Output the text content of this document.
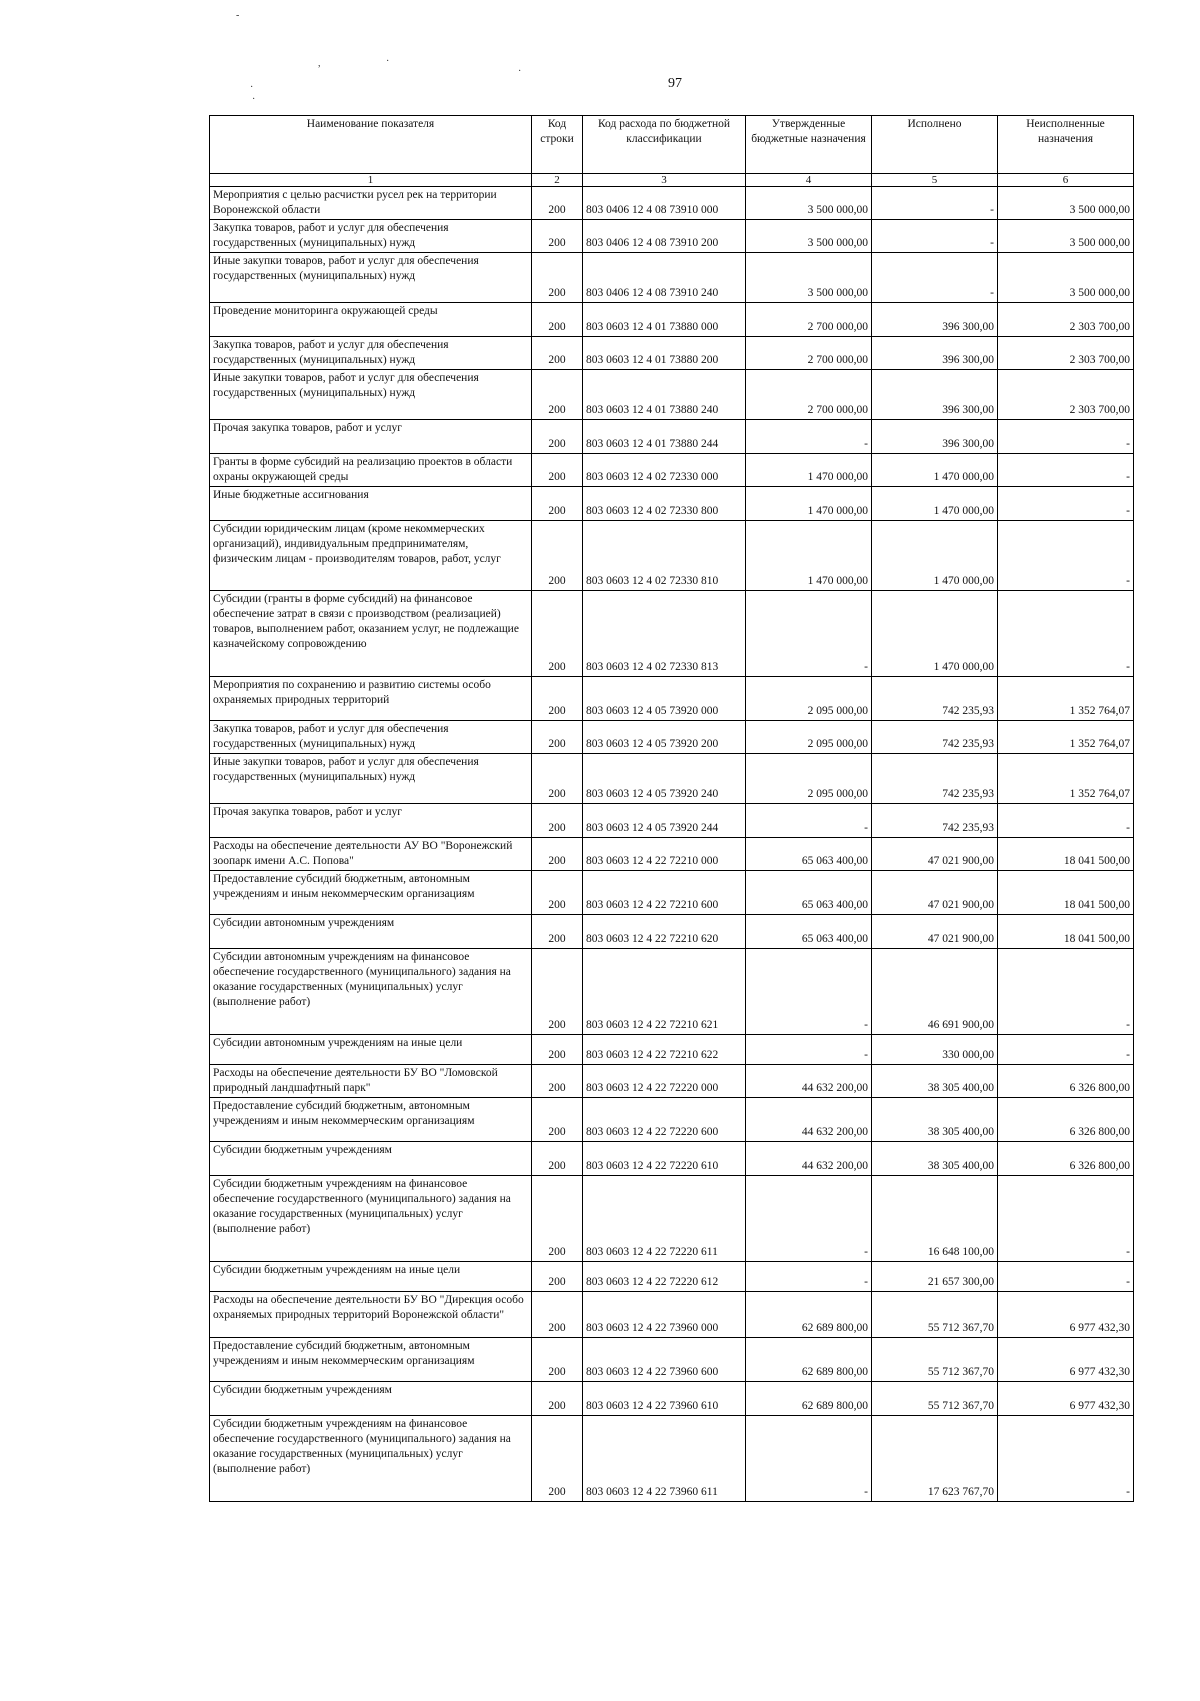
97
-
,	·
·
·
·
Наименование показателя	Код строки	Код расхода по бюджетной классификации	Утвержденные бюджетные назначения	Исполнено	Неисполненные назначения
1	2	3	4	5	6
Мероприятия с целью расчистки русел рек на территории Воронежской области	200	803 0406 12 4 08 73910 000	3 500 000,00	-	3 500 000,00
Закупка товаров, работ и услуг для обеспечения государственных (муниципальных) нужд	200	803 0406 12 4 08 73910 200	3 500 000,00	-	3 500 000,00
Иные закупки товаров, работ и услуг для обеспечения государственных (муниципальных) нужд	200	803 0406 12 4 08 73910 240	3 500 000,00	-	3 500 000,00
Проведение мониторинга окружающей среды	200	803 0603 12 4 01 73880 000	2 700 000,00	396 300,00	2 303 700,00
Закупка товаров, работ и услуг для обеспечения государственных (муниципальных) нужд	200	803 0603 12 4 01 73880 200	2 700 000,00	396 300,00	2 303 700,00
Иные закупки товаров, работ и услуг для обеспечения государственных (муниципальных) нужд	200	803 0603 12 4 01 73880 240	2 700 000,00	396 300,00	2 303 700,00
Прочая закупка товаров, работ и услуг	200	803 0603 12 4 01 73880 244	-	396 300,00	-
Гранты в форме субсидий на реализацию проектов в области охраны окружающей среды	200	803 0603 12 4 02 72330 000	1 470 000,00	1 470 000,00	-
Иные бюджетные ассигнования	200	803 0603 12 4 02 72330 800	1 470 000,00	1 470 000,00	-
Субсидии юридическим лицам (кроме некоммерческих организаций), индивидуальным предпринимателям, физическим лицам - производителям товаров, работ, услуг	200	803 0603 12 4 02 72330 810	1 470 000,00	1 470 000,00	-
Субсидии (гранты в форме субсидий) на финансовое обеспечение затрат в связи с производством (реализацией) товаров, выполнением работ, оказанием услуг, не подлежащие казначейскому сопровождению	200	803 0603 12 4 02 72330 813	-	1 470 000,00	-
Мероприятия по сохранению и развитию системы особо охраняемых природных территорий	200	803 0603 12 4 05 73920 000	2 095 000,00	742 235,93	1 352 764,07
Закупка товаров, работ и услуг для обеспечения государственных (муниципальных) нужд	200	803 0603 12 4 05 73920 200	2 095 000,00	742 235,93	1 352 764,07
Иные закупки товаров, работ и услуг для обеспечения государственных (муниципальных) нужд	200	803 0603 12 4 05 73920 240	2 095 000,00	742 235,93	1 352 764,07
Прочая закупка товаров, работ и услуг	200	803 0603 12 4 05 73920 244	-	742 235,93	-
Расходы на обеспечение деятельности АУ ВО "Воронежский зоопарк имени А.С. Попова"	200	803 0603 12 4 22 72210 000	65 063 400,00	47 021 900,00	18 041 500,00
Предоставление субсидий бюджетным, автономным учреждениям и иным некоммерческим организациям	200	803 0603 12 4 22 72210 600	65 063 400,00	47 021 900,00	18 041 500,00
Субсидии автономным учреждениям	200	803 0603 12 4 22 72210 620	65 063 400,00	47 021 900,00	18 041 500,00
Субсидии автономным учреждениям на финансовое обеспечение государственного (муниципального) задания на оказание государственных (муниципальных) услуг (выполнение работ)	200	803 0603 12 4 22 72210 621	-	46 691 900,00	-
Субсидии автономным учреждениям на иные цели	200	803 0603 12 4 22 72210 622	-	330 000,00	-
Расходы на обеспечение деятельности БУ ВО "Ломовской природный ландшафтный парк"	200	803 0603 12 4 22 72220 000	44 632 200,00	38 305 400,00	6 326 800,00
Предоставление субсидий бюджетным, автономным учреждениям и иным некоммерческим организациям	200	803 0603 12 4 22 72220 600	44 632 200,00	38 305 400,00	6 326 800,00
Субсидии бюджетным учреждениям	200	803 0603 12 4 22 72220 610	44 632 200,00	38 305 400,00	6 326 800,00
Субсидии бюджетным учреждениям на финансовое обеспечение государственного (муниципального) задания на оказание государственных (муниципальных) услуг (выполнение работ)	200	803 0603 12 4 22 72220 611	-	16 648 100,00	-
Субсидии бюджетным учреждениям на иные цели	200	803 0603 12 4 22 72220 612	-	21 657 300,00	-
Расходы на обеспечение деятельности БУ ВО "Дирекция особо охраняемых природных территорий Воронежской области"	200	803 0603 12 4 22 73960 000	62 689 800,00	55 712 367,70	6 977 432,30
Предоставление субсидий бюджетным, автономным учреждениям и иным некоммерческим организациям	200	803 0603 12 4 22 73960 600	62 689 800,00	55 712 367,70	6 977 432,30
Субсидии бюджетным учреждениям	200	803 0603 12 4 22 73960 610	62 689 800,00	55 712 367,70	6 977 432,30
Субсидии бюджетным учреждениям на финансовое обеспечение государственного (муниципального) задания на оказание государственных (муниципальных) услуг (выполнение работ)	200	803 0603 12 4 22 73960 611	-	17 623 767,70	-
